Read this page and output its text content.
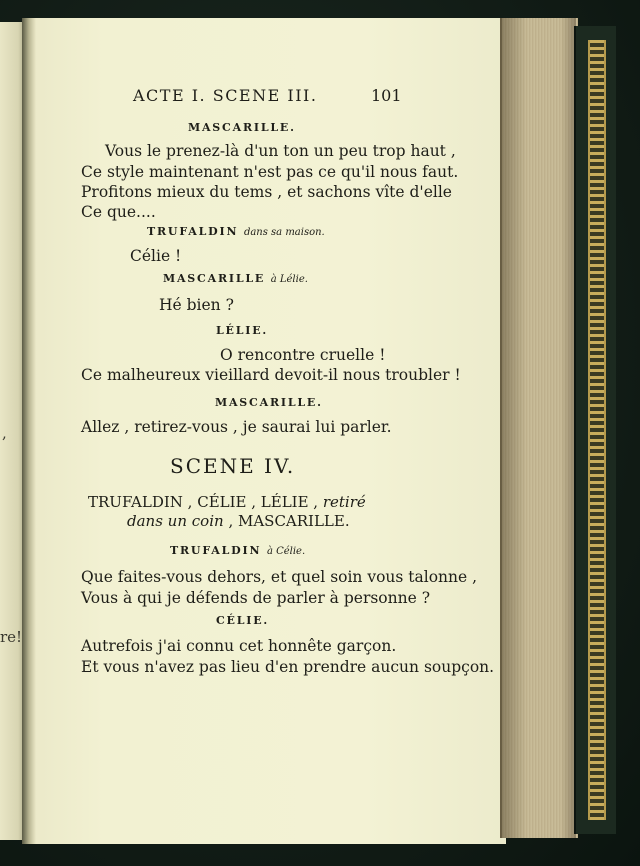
,
re!
ACTE I. SCENE III.	101
MASCARILLE.
Vous le prenez-là d'un ton un peu trop haut ,
Ce style maintenant n'est pas ce qu'il nous faut.
Profitons mieux du tems , et sachons vîte d'elle
Ce que....
TRUFALDIN dans sa maison.
Célie !
MASCARILLE à Lélie.
Hé bien ?
LÉLIE.
O rencontre cruelle !
Ce malheureux vieillard devoit-il nous troubler !
MASCARILLE.
Allez , retirez-vous , je saurai lui parler.
SCENE IV.
TRUFALDIN , CÉLIE , LÉLIE , retiré
dans un coin , MASCARILLE.
TRUFALDIN à Célie.
Que faites-vous dehors, et quel soin vous talonne ,
Vous à qui je défends de parler à personne ?
CÉLIE.
Autrefois j'ai connu cet honnête garçon.
Et vous n'avez pas lieu d'en prendre aucun soupçon.
